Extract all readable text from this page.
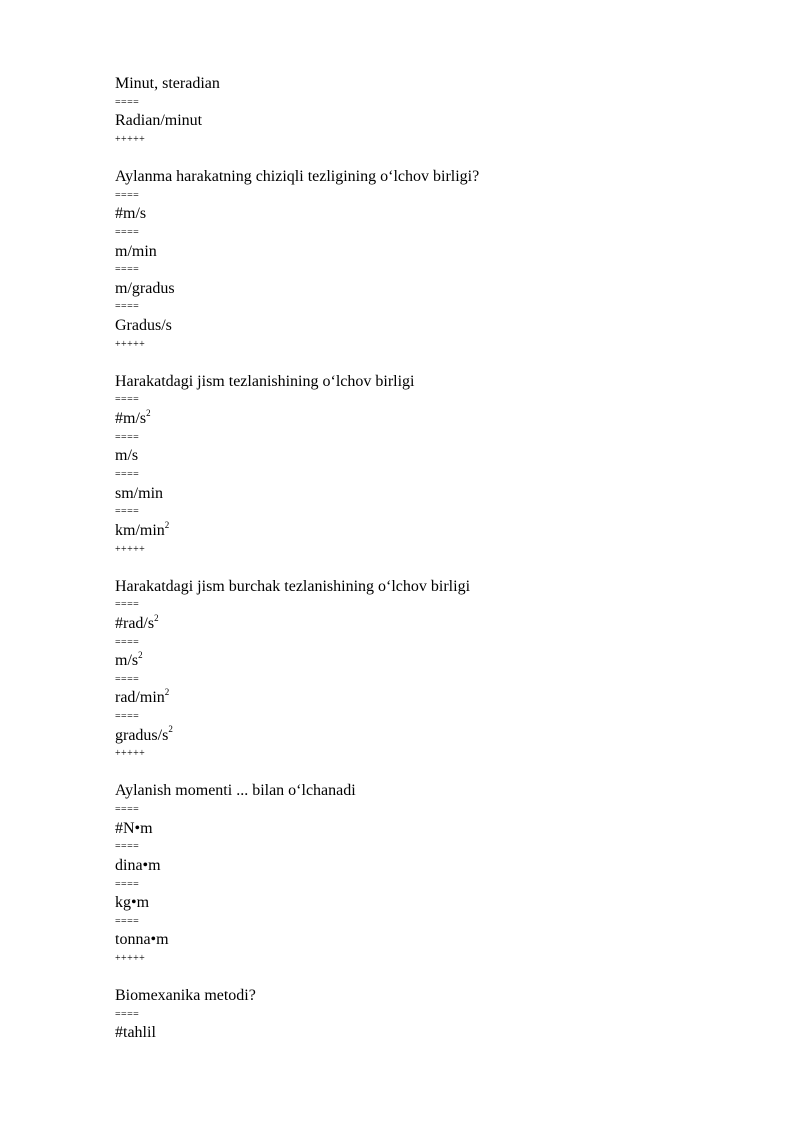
Minut, steradian
====
Radian/minut
+++++
Aylanma harakatning chiziqli tezligining o‘lchov birligi?
====
#m/s
====
m/min
====
m/gradus
====
Gradus/s
+++++
Harakatdagi jism tezlanishining o‘lchov birligi
====
$\#m/s^2$
====
m/s
====
sm/min
====
$km/\min^2$
+++++
Harakatdagi jism burchak tezlanishining o‘lchov birligi
====
$\#rad/s^2$
====
$m/s^2$
====
rad/$\min^2$
====
gradus/$s^2$
+++++
Aylanish momenti ... bilan o‘lchanadi
====
#N•m
====
dina•m
====
kg•m
====
tonna•m
+++++
Biomexanika metodi?
====
#tahlil
